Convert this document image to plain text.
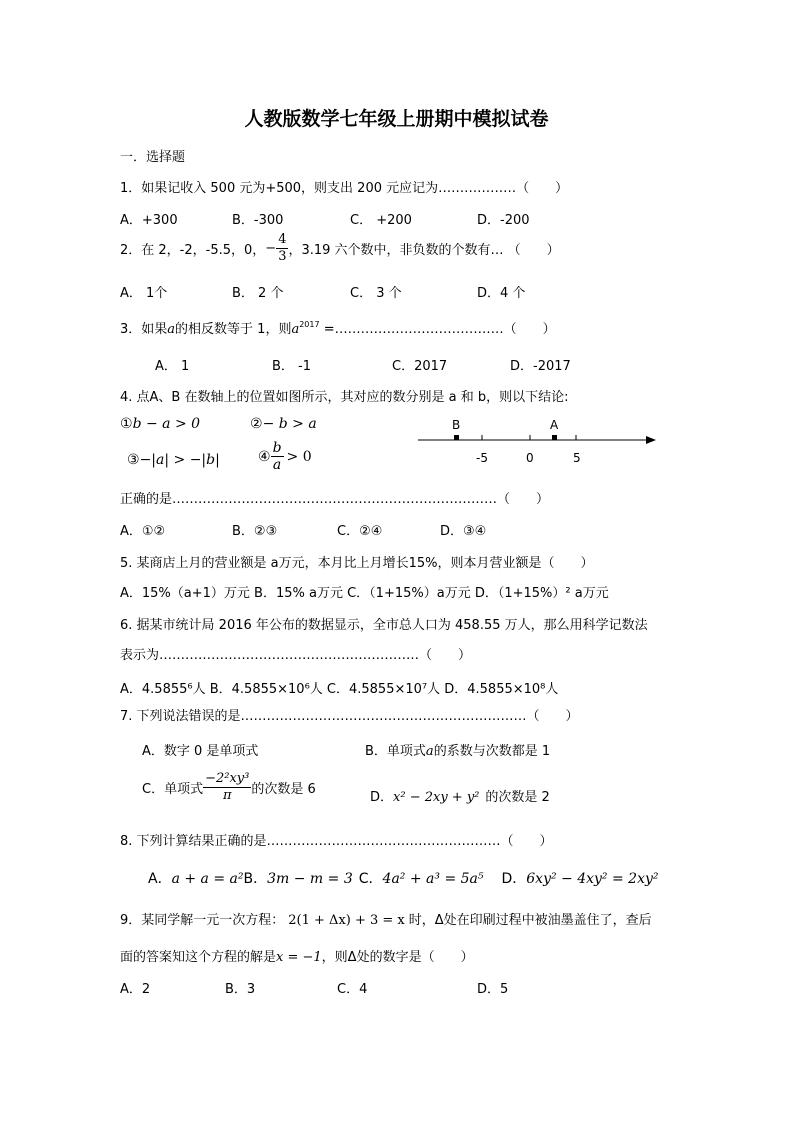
人教版数学七年级上册期中模拟试卷
一．选择题
1．如果记收入 500 元为+500，则支出 200 元应记为………………（　　）
A．+300	B．-300	C． +200	D．-200
2．在 2，-2，-5.5，0， − $\frac{4}{3}$ ，3.19 六个数中，非负数的个数有… （　　）
A． 1个	B． 2 个	C． 3 个	D．4 个
3．如果a的相反数等于 1，则$a^{2017}$ =…………………………………（　　）
A． 1	B． -1	C．2017	D．-2017
4. 点A、B 在数轴上的位置如图所示，其对应的数分别是 a 和 b，则以下结论:
①b − a > 0	②− b > a
③−|a| > −|b|	④ $\frac{b}{a} > 0$
B	A
-5	0	5
正确的是…………………………………………………………………（　　）
A．①②	B．②③	C．②④	D．③④
5. 某商店上月的营业额是 a万元，本月比上月增长15%，则本月营业额是（　　）
A．15%（a+1）万元 B．15% a万元 C．（1+15%）a万元 D．（1+15%）² a万元
6. 据某市统计局 2016 年公布的数据显示，全市总人口为 458.55 万人，那么用科学记数法
表示为……………………………………………………（　　）
A．4.5855⁶人 B．4.5855×10⁶人 C．4.5855×10⁷人 D．4.5855×10⁸人
7. 下列说法错误的是…………………………………………………………（　　）
A．数字 0 是单项式	B．单项式a的系数与次数都是 1
C．单项式 $\frac{\text{−2²xy³}}{\pi}$ 的次数是 6
D．x² − 2xy + y² 的次数是 2
8. 下列计算结果正确的是………………………………………………（　　）
A．a + a = a²B．3m − m = 3 C．4a² + a³ = 5a⁵ D．6xy² − 4xy² = 2xy²
9．某同学解一元一次方程： 2(1 + Δx) + 3 = x 时，Δ处在印刷过程中被油墨盖住了，查后
面的答案知这个方程的解是x = −1，则Δ处的数字是（　　）
A．2	B．3	C．4	D．5
